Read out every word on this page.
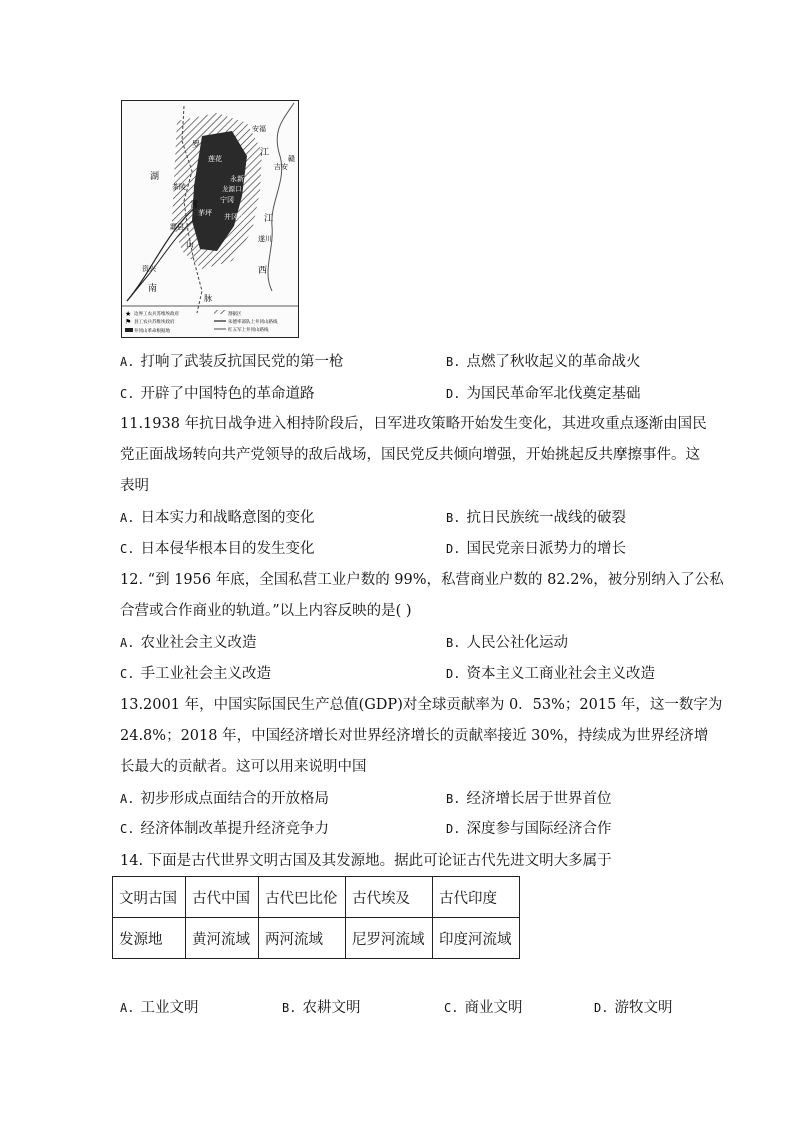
安福
莲花
永新
龙源口
宁冈
茶陵
酃县
茅坪 井冈山
遂川
吉安
资兴
江
江
西
湖
南
罗
霄
山
脉
赣
★ 边界工农兵苏维埃政府
⚑ 县工农兵苏维埃政府
井冈山革命根据地
割据区
朱德率部队上井冈山路线
红五军上井冈山路线
A. 打响了武装反抗国民党的第一枪	B. 点燃了秋收起义的革命战火
C. 开辟了中国特色的革命道路	D. 为国民革命军北伐奠定基础
11.1938 年抗日战争进入相持阶段后，日军进攻策略开始发生变化，其进攻重点逐渐由国民
党正面战场转向共产党领导的敌后战场，国民党反共倾向增强，开始挑起反共摩擦事件。这
表明
A. 日本实力和战略意图的变化	B. 抗日民族统一战线的破裂
C. 日本侵华根本目的发生变化	D. 国民党亲日派势力的增长
12. “到 1956 年底，全国私营工业户数的 99%，私营商业户数的 82.2%，被分别纳入了公私
合营或合作商业的轨道。”以上内容反映的是( )
A. 农业社会主义改造	B. 人民公社化运动
C. 手工业社会主义改造	D. 资本主义工商业社会主义改造
13.2001 年，中国实际国民生产总值(GDP)对全球贡献率为 0．53%；2015 年，这一数字为
24.8%；2018 年，中国经济增长对世界经济增长的贡献率接近 30%，持续成为世界经济增
长最大的贡献者。这可以用来说明中国
A. 初步形成点面结合的开放格局	B. 经济增长居于世界首位
C. 经济体制改革提升经济竞争力	D. 深度参与国际经济合作
14. 下面是古代世界文明古国及其发源地。据此可论证古代先进文明大多属于
文明古国	古代中国	古代巴比伦	古代埃及	古代印度
发源地	黄河流域	两河流域	尼罗河流域	印度河流域
A. 工业文明	B. 农耕文明	C. 商业文明	D. 游牧文明
